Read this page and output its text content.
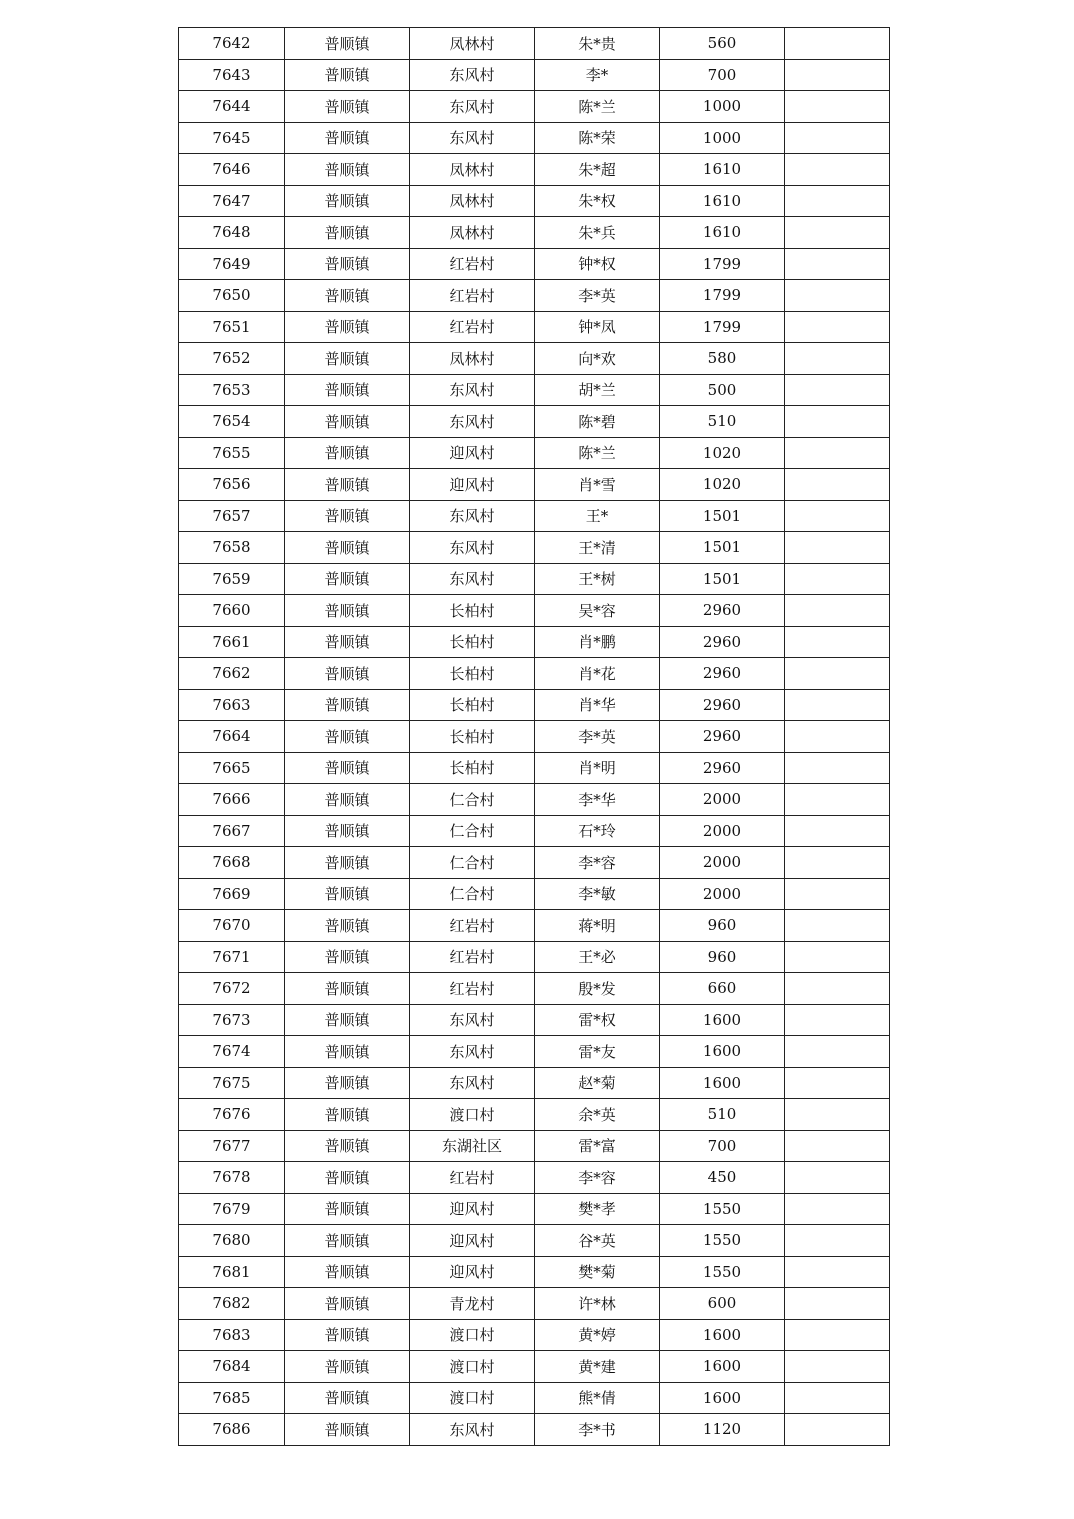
7642	普顺镇	凤林村	朱*贵	560	
7643	普顺镇	东风村	李*	700	
7644	普顺镇	东风村	陈*兰	1000	
7645	普顺镇	东风村	陈*荣	1000	
7646	普顺镇	凤林村	朱*超	1610	
7647	普顺镇	凤林村	朱*权	1610	
7648	普顺镇	凤林村	朱*兵	1610	
7649	普顺镇	红岩村	钟*权	1799	
7650	普顺镇	红岩村	李*英	1799	
7651	普顺镇	红岩村	钟*凤	1799	
7652	普顺镇	凤林村	向*欢	580	
7653	普顺镇	东风村	胡*兰	500	
7654	普顺镇	东风村	陈*碧	510	
7655	普顺镇	迎风村	陈*兰	1020	
7656	普顺镇	迎风村	肖*雪	1020	
7657	普顺镇	东风村	王*	1501	
7658	普顺镇	东风村	王*清	1501	
7659	普顺镇	东风村	王*树	1501	
7660	普顺镇	长柏村	吴*容	2960	
7661	普顺镇	长柏村	肖*鹏	2960	
7662	普顺镇	长柏村	肖*花	2960	
7663	普顺镇	长柏村	肖*华	2960	
7664	普顺镇	长柏村	李*英	2960	
7665	普顺镇	长柏村	肖*明	2960	
7666	普顺镇	仁合村	李*华	2000	
7667	普顺镇	仁合村	石*玲	2000	
7668	普顺镇	仁合村	李*容	2000	
7669	普顺镇	仁合村	李*敏	2000	
7670	普顺镇	红岩村	蒋*明	960	
7671	普顺镇	红岩村	王*必	960	
7672	普顺镇	红岩村	殷*发	660	
7673	普顺镇	东风村	雷*权	1600	
7674	普顺镇	东风村	雷*友	1600	
7675	普顺镇	东风村	赵*菊	1600	
7676	普顺镇	渡口村	余*英	510	
7677	普顺镇	东湖社区	雷*富	700	
7678	普顺镇	红岩村	李*容	450	
7679	普顺镇	迎风村	樊*孝	1550	
7680	普顺镇	迎风村	谷*英	1550	
7681	普顺镇	迎风村	樊*菊	1550	
7682	普顺镇	青龙村	许*林	600	
7683	普顺镇	渡口村	黄*婷	1600	
7684	普顺镇	渡口村	黄*建	1600	
7685	普顺镇	渡口村	熊*倩	1600	
7686	普顺镇	东风村	李*书	1120	
